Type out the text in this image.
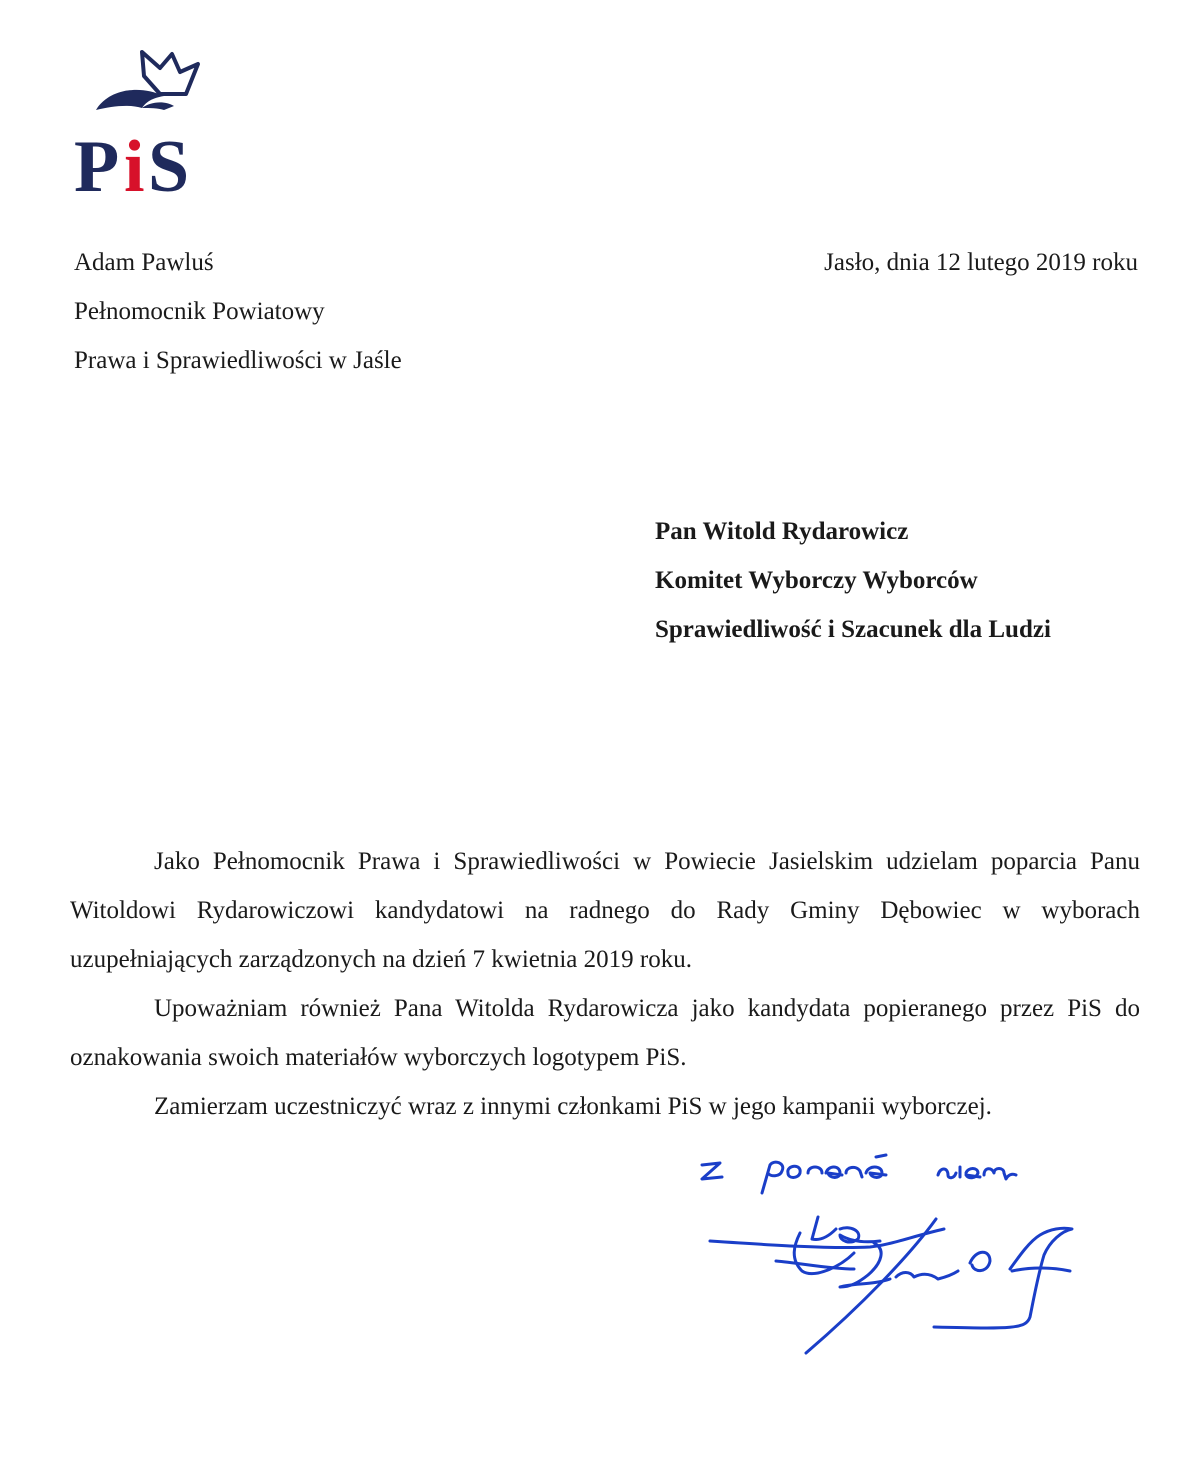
P i S
Adam Pawluś
Pełnomocnik Powiatowy
Prawa i Sprawiedliwości w Jaśle
Jasło, dnia 12 lutego 2019 roku
Pan Witold Rydarowicz
Komitet Wyborczy Wyborców
Sprawiedliwość i Szacunek dla Ludzi

Jako Pełnomocnik Prawa i Sprawiedliwości w Powiecie Jasielskim udzielam poparcia Panu Witoldowi Rydarowiczowi kandydatowi na radnego do Rady Gminy Dębowiec w wyborach uzupełniających zarządzonych na dzień 7 kwietnia 2019 roku.

Upoważniam również Pana Witolda Rydarowicza jako kandydata popieranego przez PiS do oznakowania swoich materiałów wyborczych logotypem PiS.

Zamierzam uczestniczyć wraz z innymi członkami PiS w jego kampanii wyborczej.
